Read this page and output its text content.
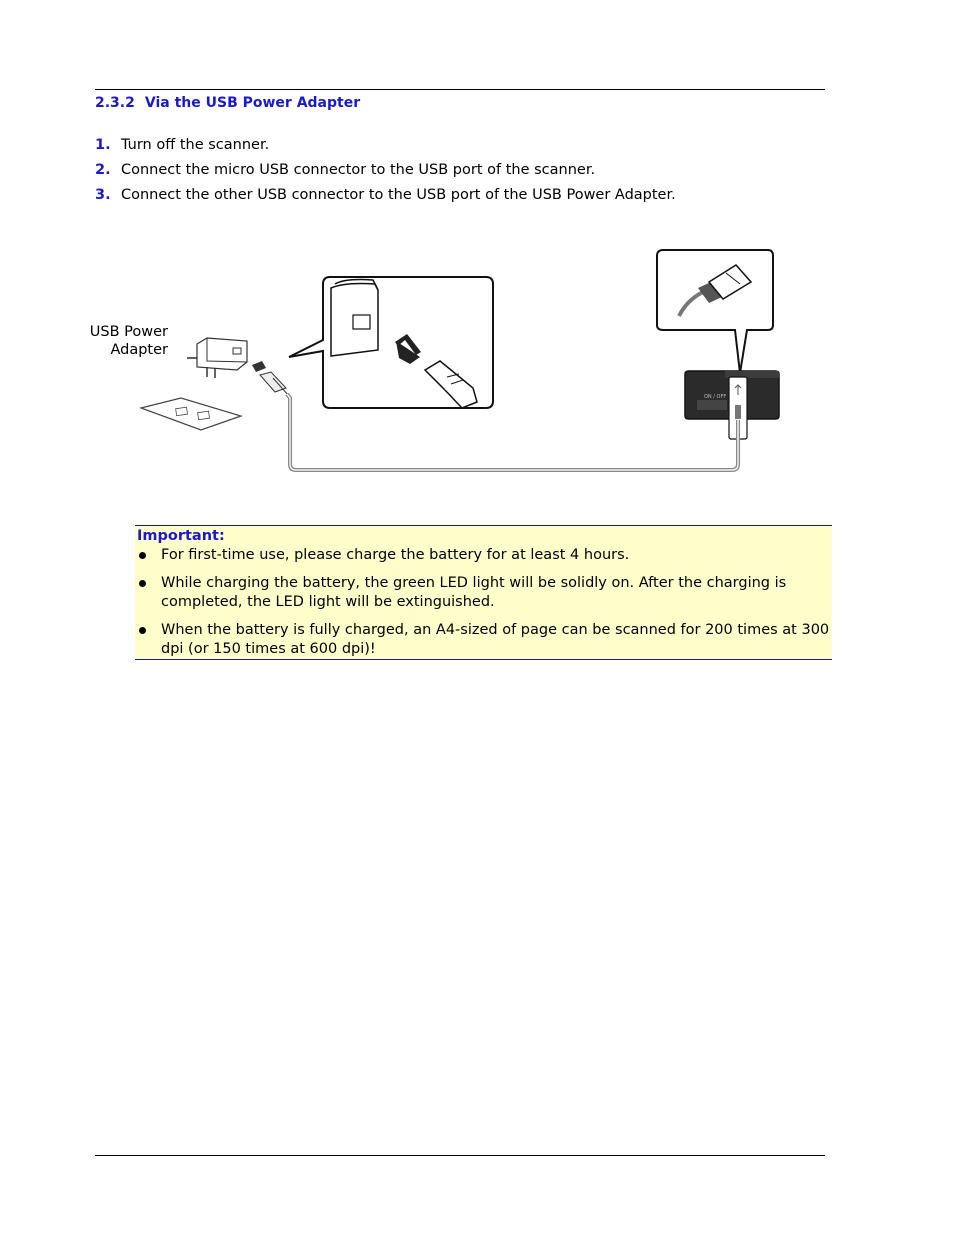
2.3.2 Via the USB Power Adapter
1. Turn off the scanner.
2. Connect the micro USB connector to the USB port of the scanner.
3. Connect the other USB connector to the USB port of the USB Power Adapter.
USB Power
Adapter
ON / OFF
Important:
For first-time use, please charge the battery for at least 4 hours.
While charging the battery, the green LED light will be solidly on. After the charging is completed, the LED light will be extinguished.
When the battery is fully charged, an A4-sized of page can be scanned for 200 times at 300 dpi (or 150 times at 600 dpi)!
